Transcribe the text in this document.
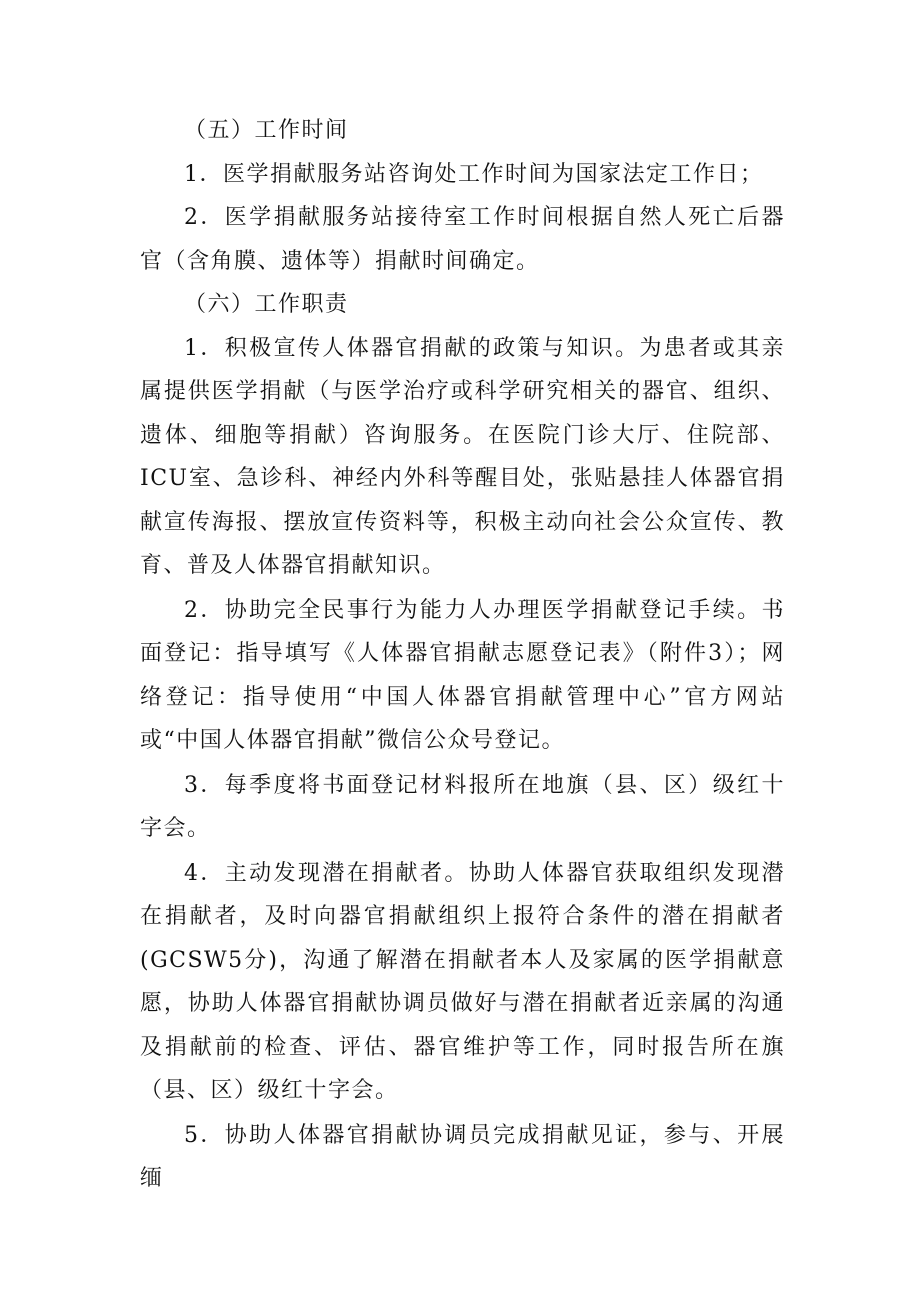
（五）工作时间

1．医学捐献服务站咨询处工作时间为国家法定工作日；

2．医学捐献服务站接待室工作时间根据自然人死亡后器官（含角膜、遗体等）捐献时间确定。

（六）工作职责

1．积极宣传人体器官捐献的政策与知识。为患者或其亲属提供医学捐献（与医学治疗或科学研究相关的器官、组织、遗体、细胞等捐献）咨询服务。在医院门诊大厅、住院部、ICU室、急诊科、神经内外科等醒目处，张贴悬挂人体器官捐献宣传海报、摆放宣传资料等，积极主动向社会公众宣传、教育、普及人体器官捐献知识。

2．协助完全民事行为能力人办理医学捐献登记手续。书面登记：指导填写《人体器官捐献志愿登记表》（附件3）；网络登记：指导使用“中国人体器官捐献管理中心”官方网站或“中国人体器官捐献”微信公众号登记。

3．每季度将书面登记材料报所在地旗（县、区）级红十字会。

4．主动发现潜在捐献者。协助人体器官获取组织发现潜在捐献者，及时向器官捐献组织上报符合条件的潜在捐献者(GCSW5分)，沟通了解潜在捐献者本人及家属的医学捐献意愿，协助人体器官捐献协调员做好与潜在捐献者近亲属的沟通及捐献前的检查、评估、器官维护等工作，同时报告所在旗（县、区）级红十字会。

5．协助人体器官捐献协调员完成捐献见证，参与、开展缅
